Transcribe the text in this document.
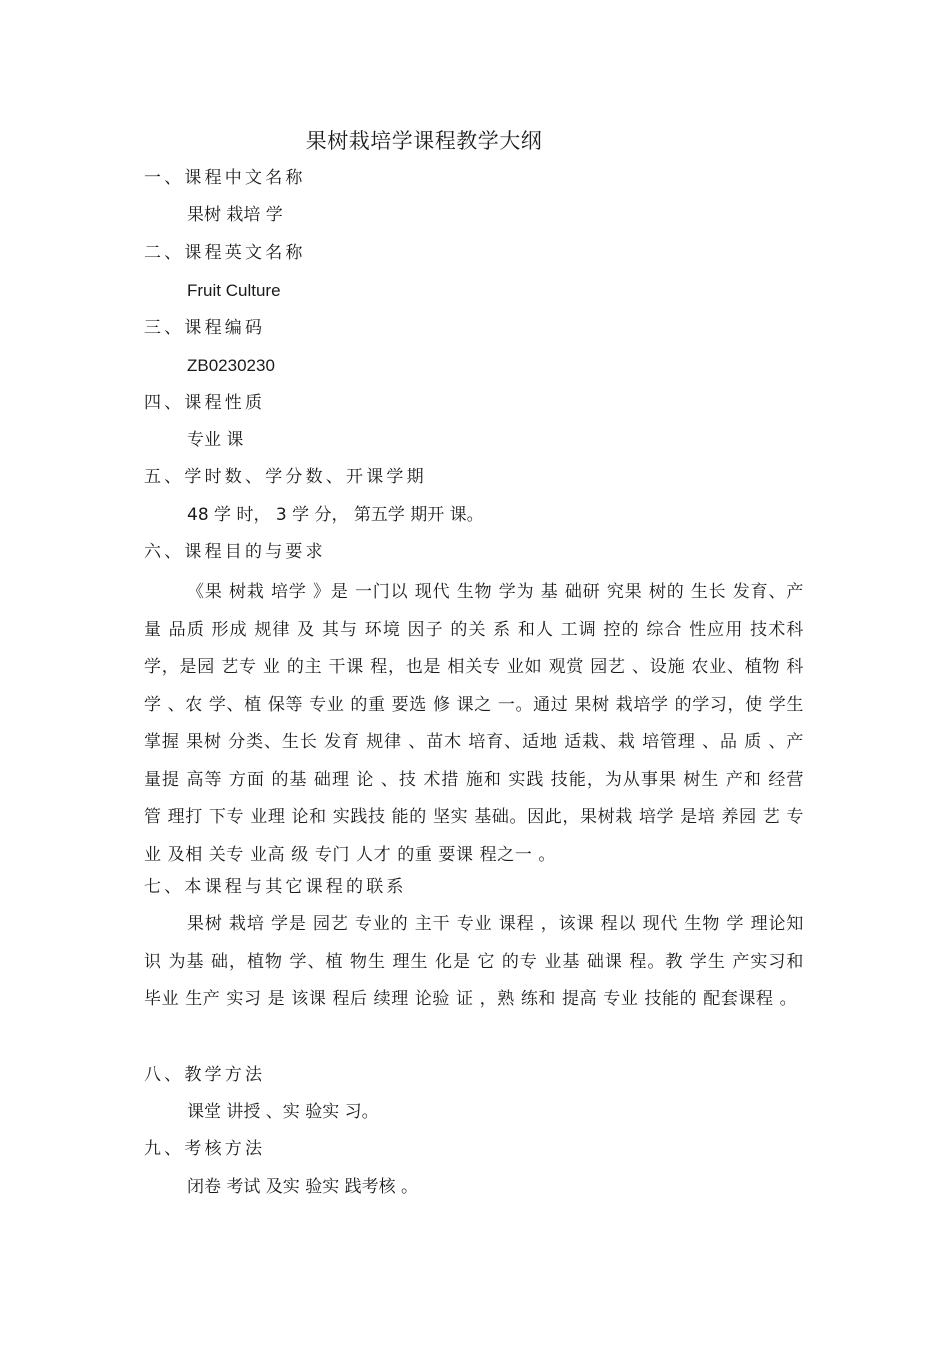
果树栽培学课程教学大纲
一、课程中文名称
果树 栽培 学
二、课程英文名称
Fruit Culture
三、课程编码
ZB0230230
四、课程性质
专业 课
五、学时数、学分数、开课学期
48 学 时， 3 学 分， 第五学 期开 课。
六、课程目的与要求
《果 树栽 培学 》是 一门以 现代 生物 学为 基 础研 究果 树的 生长 发育、产量 品质 形成 规律 及 其与 环境 因子 的关 系 和人 工调 控的 综合 性应用 技术科 学，是园 艺专 业 的主 干课 程，也是 相关专 业如 观赏 园艺 、设施 农业、植物 科学 、农 学、植 保等 专业 的重 要选 修 课之 一。通过 果树 栽培学 的学习，使 学生 掌握 果树 分类、生长 发育 规律 、苗木 培育、适地 适栽、栽 培管理 、品 质 、产 量提 高等 方面 的基 础理 论 、技 术措 施和 实践 技能，为从事果 树生 产和 经营 管 理打 下专 业理 论和 实践技 能的 坚实 基础。因此，果树栽 培学 是培 养园 艺 专业 及相 关专 业高 级 专门 人才 的重 要课 程之一 。
七、本课程与其它课程的联系
果树 栽培 学是 园艺 专业的 主干 专业 课程 ，该课 程以 现代 生物 学 理论知识 为基 础，植物 学、植 物生 理生 化是 它 的专 业基 础课 程。教 学生 产实习和 毕业 生产 实习 是 该课 程后 续理 论验 证 ，熟 练和 提高 专业 技能的 配套课程 。
八、教学方法
课堂 讲授 、实 验实 习。
九、考核方法
闭卷 考试 及实 验实 践考核 。
